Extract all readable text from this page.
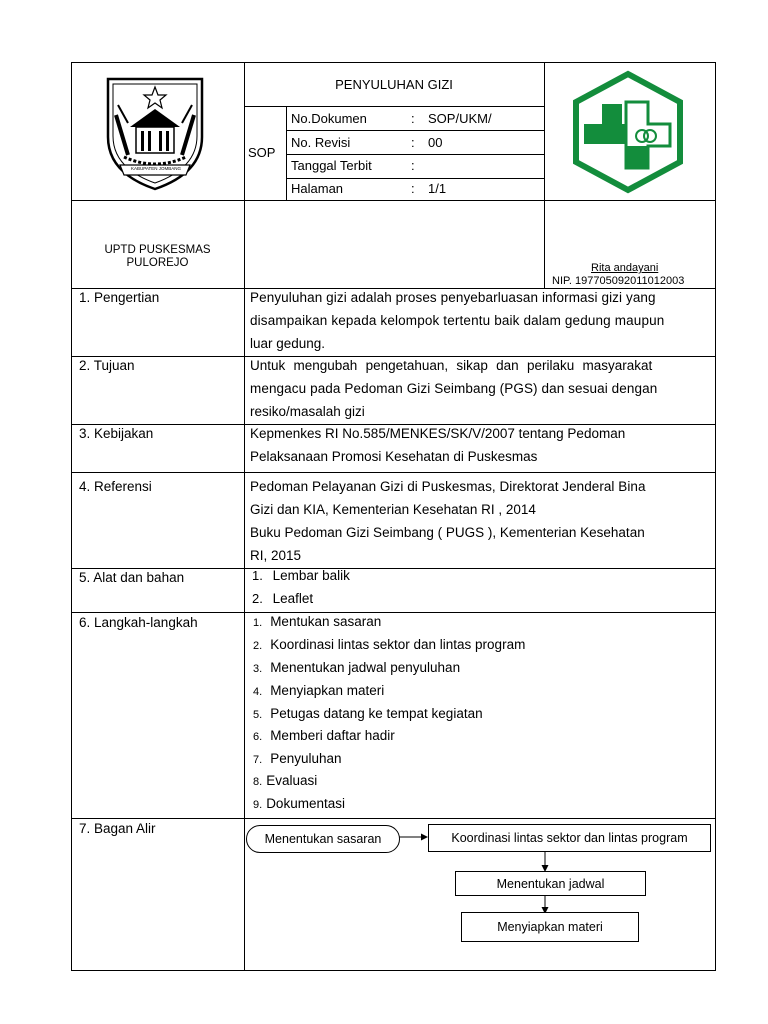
KABUPATEN JOMBANG
PENYULUHAN GIZI
SOP
No.Dokumen	: SOP/UKM/
No. Revisi	: 00
Tanggal Terbit	:
Halaman	: 1/1
UPTD PUSKESMAS
PULOREJO	Rita andayani
NIP. 197705092011012003
1. Pengertian	Penyuluhan gizi adalah proses penyebarluasan informasi gizi yang
disampaikan kepada kelompok tertentu baik dalam gedung maupun
luar gedung.
2. Tujuan	Untuk mengubah pengetahuan, sikap dan perilaku masyarakat
mengacu pada Pedoman Gizi Seimbang (PGS) dan sesuai dengan
resiko/masalah gizi
3. Kebijakan	Kepmenkes RI No.585/MENKES/SK/V/2007 tentang Pedoman
Pelaksanaan Promosi Kesehatan di Puskesmas
4. Referensi	Pedoman Pelayanan Gizi di Puskesmas, Direktorat Jenderal Bina
Gizi dan KIA, Kementerian Kesehatan RI , 2014
Buku Pedoman Gizi Seimbang ( PUGS ), Kementerian Kesehatan
RI, 2015
5. Alat dan bahan	1. Lembar balik
2. Leaflet
6. Langkah-langkah	1. Mentukan sasaran
2. Koordinasi lintas sektor dan lintas program
3. Menentukan jadwal penyuluhan
4. Menyiapkan materi
5. Petugas datang ke tempat kegiatan
6. Memberi daftar hadir
7. Penyuluhan
8. Evaluasi
9. Dokumentasi
7. Bagan Alir
Menentukan sasaran	Koordinasi lintas sektor dan lintas program
Menentukan jadwal
Menyiapkan materi
